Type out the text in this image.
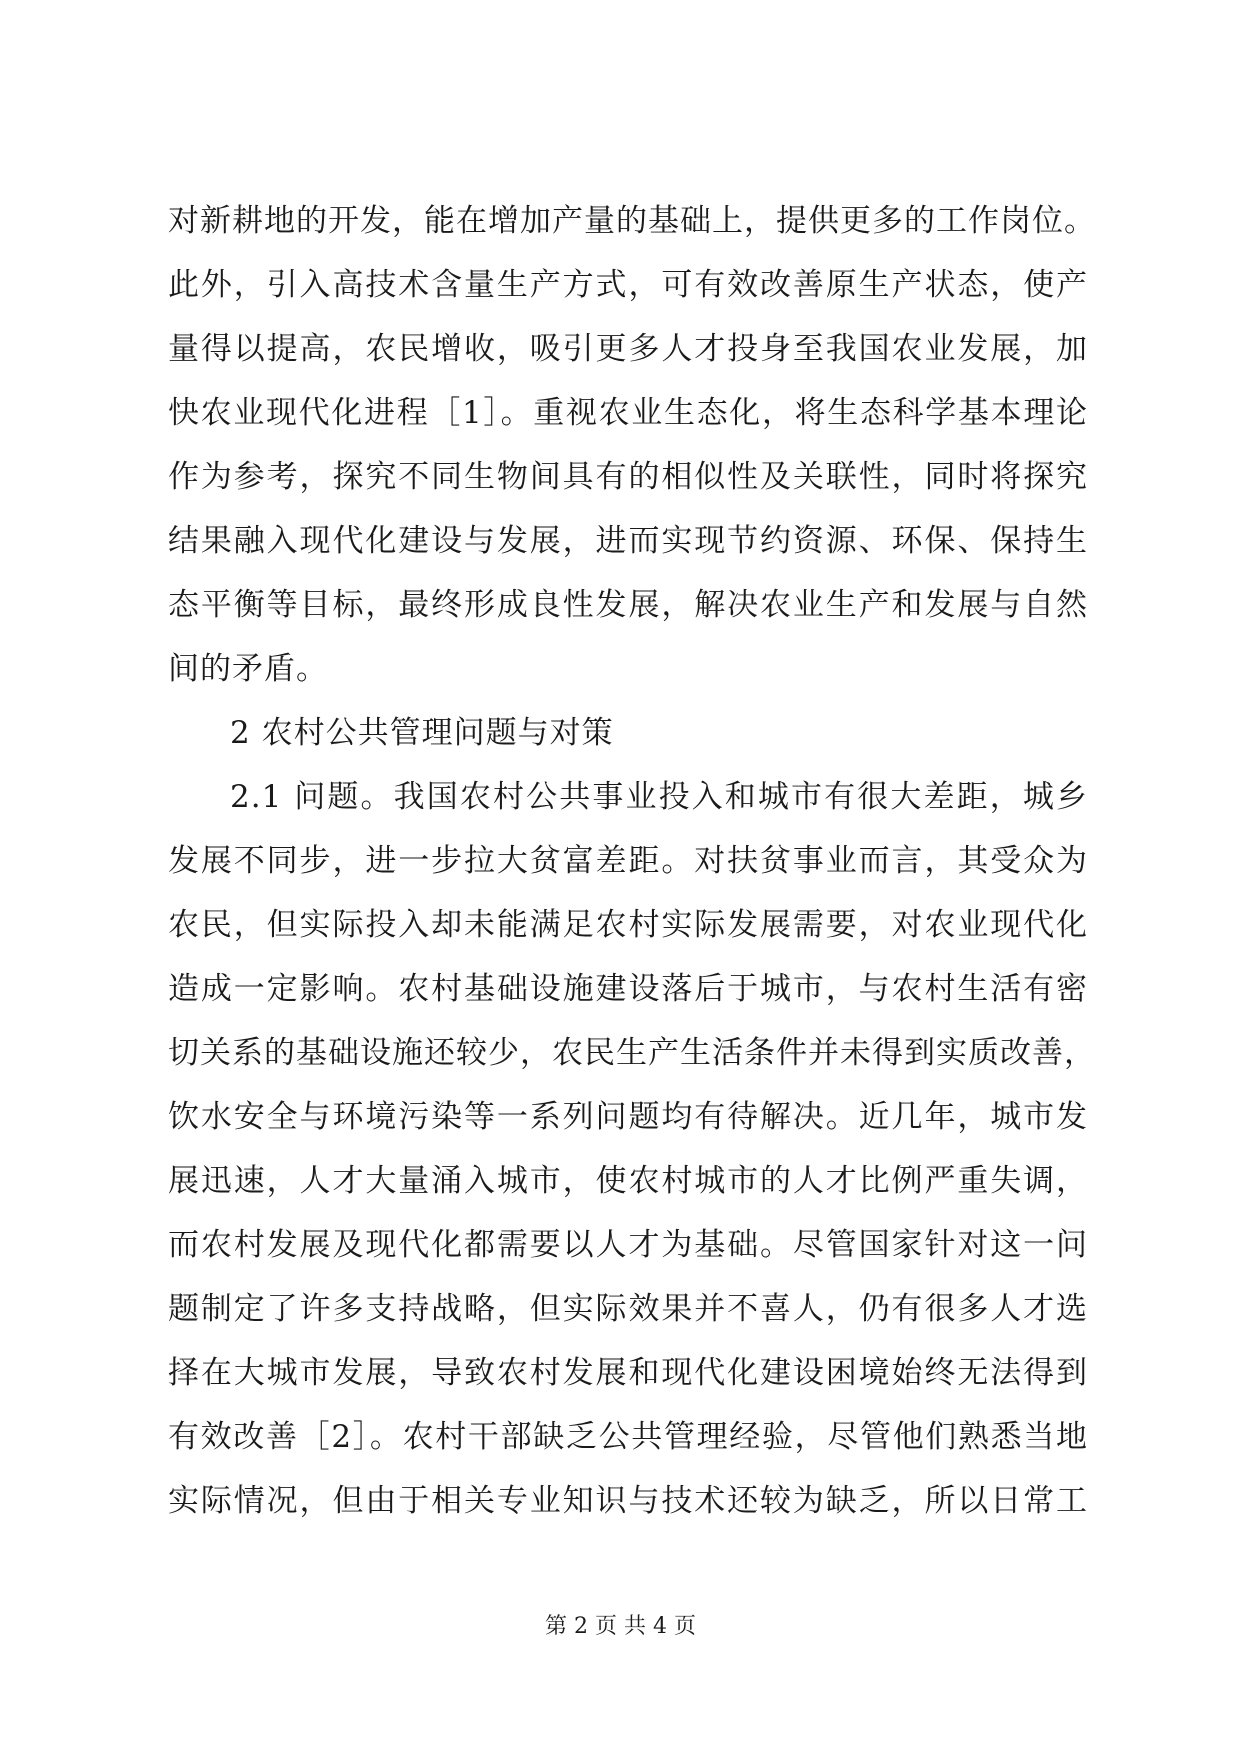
对新耕地的开发，能在增加产量的基础上，提供更多的工作岗位。
此外，引入高技术含量生产方式，可有效改善原生产状态，使产
量得以提高，农民增收，吸引更多人才投身至我国农业发展，加
快农业现代化进程［1］。重视农业生态化，将生态科学基本理论
作为参考，探究不同生物间具有的相似性及关联性，同时将探究
结果融入现代化建设与发展，进而实现节约资源、环保、保持生
态平衡等目标，最终形成良性发展，解决农业生产和发展与自然
间的矛盾。
2 农村公共管理问题与对策
2.1 问题。我国农村公共事业投入和城市有很大差距，城乡
发展不同步，进一步拉大贫富差距。对扶贫事业而言，其受众为
农民，但实际投入却未能满足农村实际发展需要，对农业现代化
造成一定影响。农村基础设施建设落后于城市，与农村生活有密
切关系的基础设施还较少，农民生产生活条件并未得到实质改善，
饮水安全与环境污染等一系列问题均有待解决。近几年，城市发
展迅速，人才大量涌入城市，使农村城市的人才比例严重失调，
而农村发展及现代化都需要以人才为基础。尽管国家针对这一问
题制定了许多支持战略，但实际效果并不喜人，仍有很多人才选
择在大城市发展，导致农村发展和现代化建设困境始终无法得到
有效改善［2］。农村干部缺乏公共管理经验，尽管他们熟悉当地
实际情况，但由于相关专业知识与技术还较为缺乏，所以日常工
第 2 页 共 4 页
